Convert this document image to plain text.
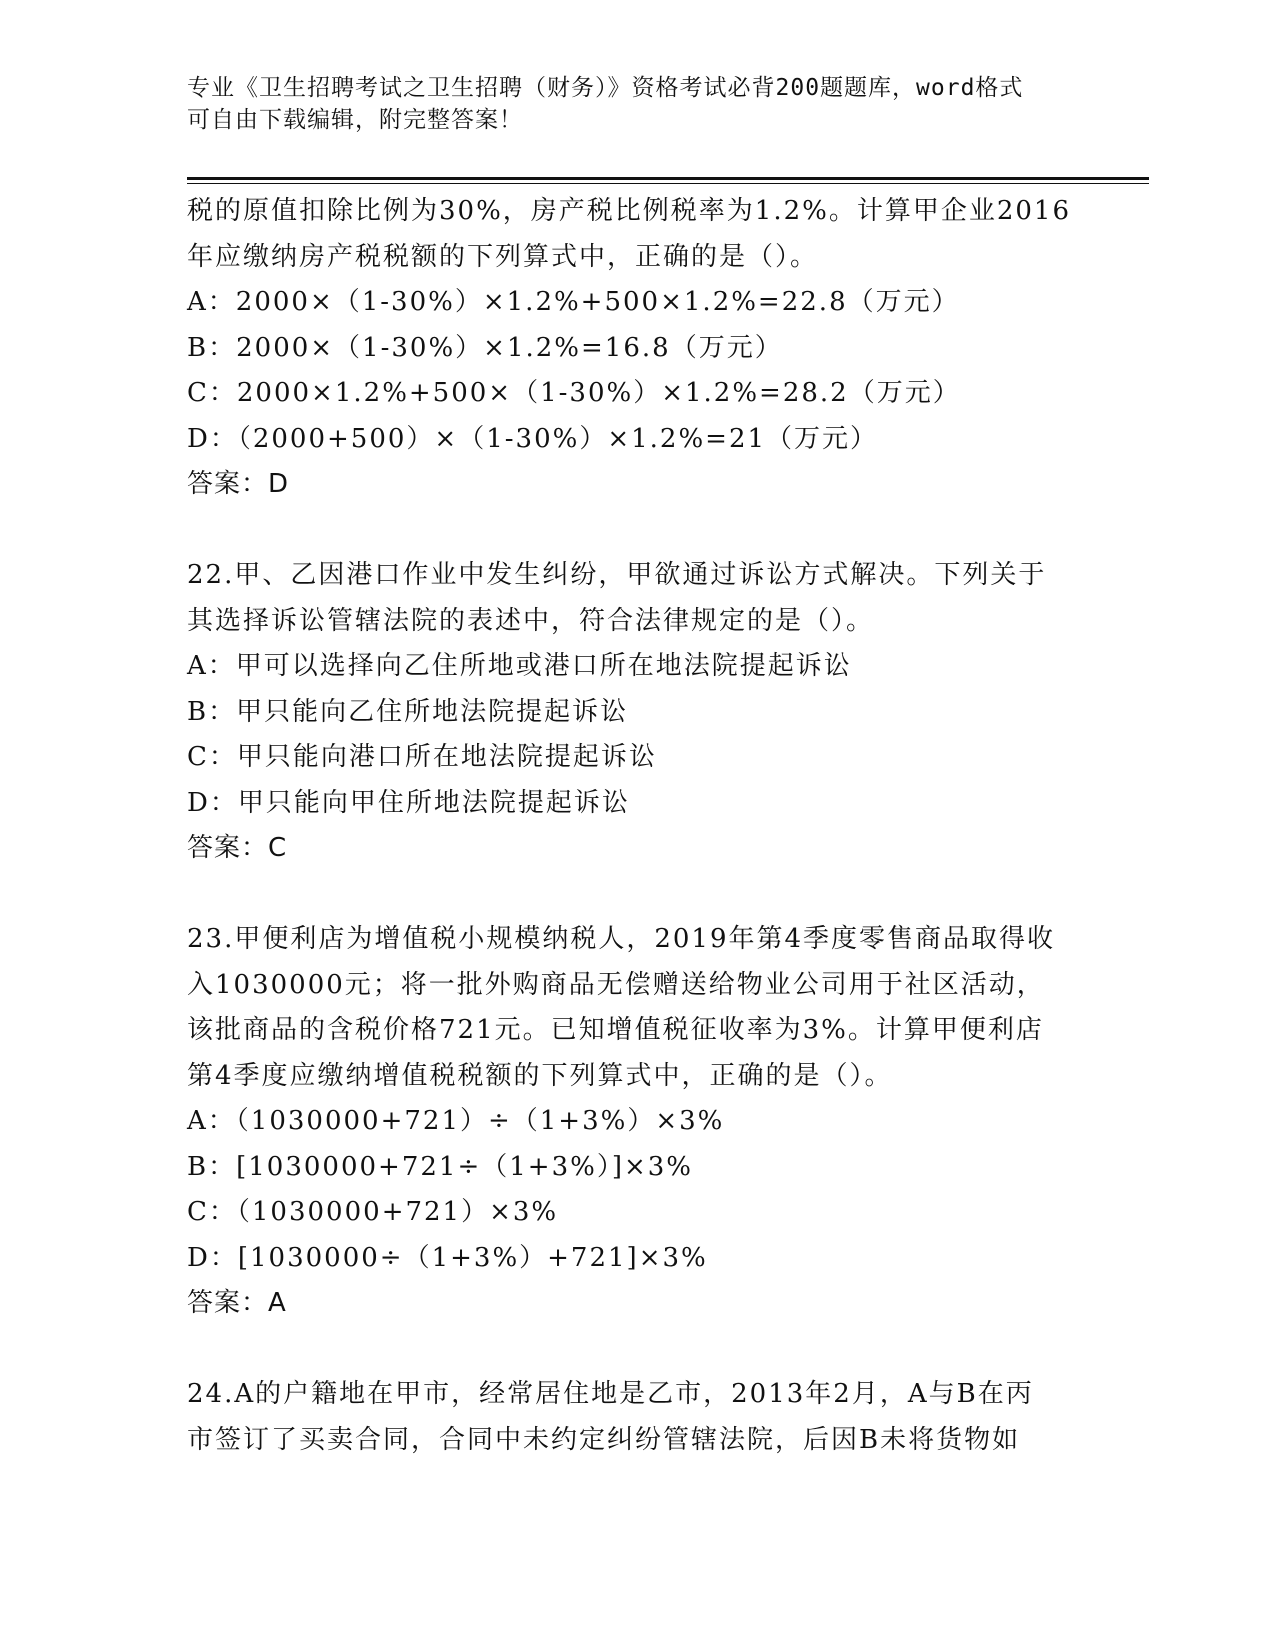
专业《卫生招聘考试之卫生招聘（财务）》资格考试必背200题题库，word格式
可自由下载编辑，附完整答案！
税的原值扣除比例为30%，房产税比例税率为1.2%。计算甲企业2016
年应缴纳房产税税额的下列算式中，正确的是（）。
A：2000×（1-30%）×1.2%+500×1.2%=22.8（万元）
B：2000×（1-30%）×1.2%=16.8（万元）
C：2000×1.2%+500×（1-30%）×1.2%=28.2（万元）
D：（2000+500）×（1-30%）×1.2%=21（万元）
答案：D
22.甲、乙因港口作业中发生纠纷，甲欲通过诉讼方式解决。下列关于
其选择诉讼管辖法院的表述中，符合法律规定的是（）。
A：甲可以选择向乙住所地或港口所在地法院提起诉讼
B：甲只能向乙住所地法院提起诉讼
C：甲只能向港口所在地法院提起诉讼
D：甲只能向甲住所地法院提起诉讼
答案：C
23.甲便利店为增值税小规模纳税人，2019年第4季度零售商品取得收
入1030000元；将一批外购商品无偿赠送给物业公司用于社区活动，
该批商品的含税价格721元。已知增值税征收率为3%。计算甲便利店
第4季度应缴纳增值税税额的下列算式中，正确的是（）。
A：（1030000+721）÷（1+3%）×3%
B：[1030000+721÷（1+3%）]×3%
C：（1030000+721）×3%
D：[1030000÷（1+3%）+721]×3%
答案：A
24.A的户籍地在甲市，经常居住地是乙市，2013年2月，A与B在丙
市签订了买卖合同，合同中未约定纠纷管辖法院，后因B未将货物如
